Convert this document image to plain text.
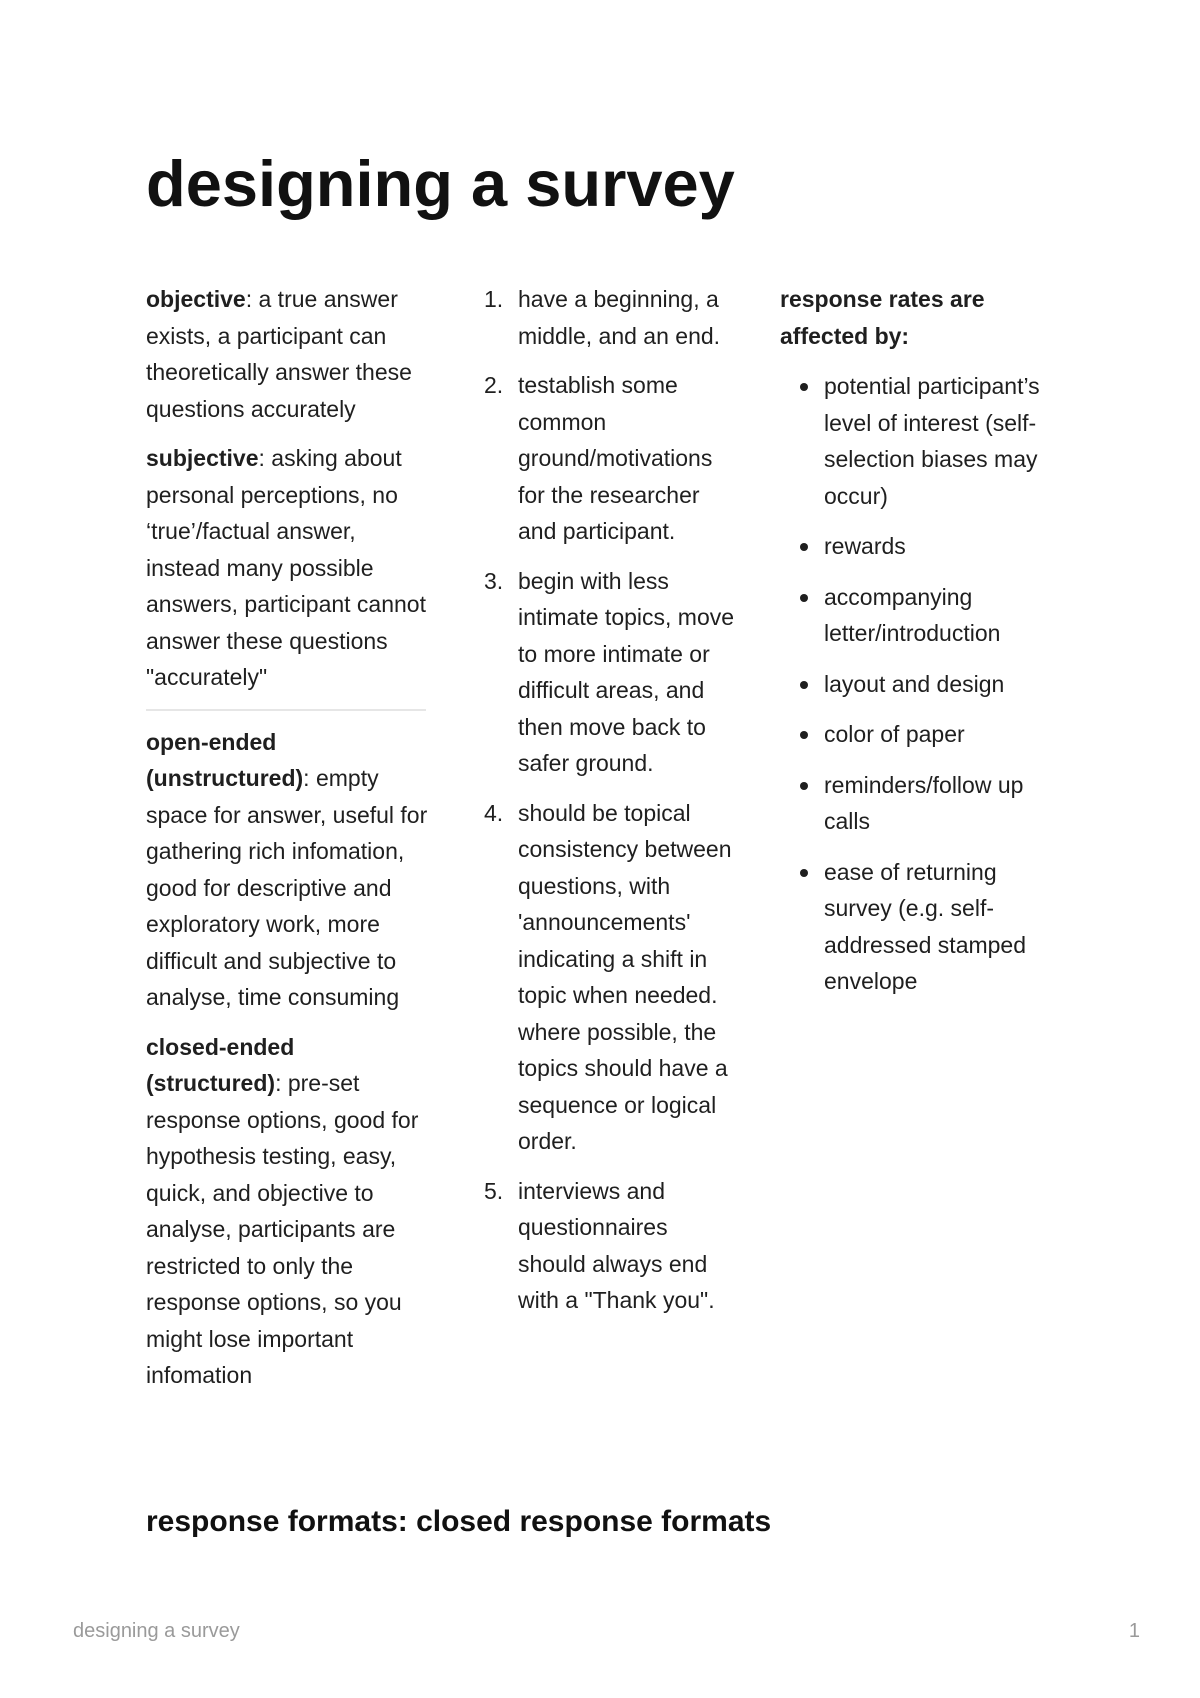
designing a survey

objective: a true answer exists, a participant can theoretically answer these questions accurately

subjective: asking about personal perceptions, no ‘true’/factual answer, instead many possible answers, participant cannot answer these questions "accurately"

open-ended (unstructured): empty space for answer, useful for gathering rich infomation, good for descriptive and exploratory work, more difficult and subjective to analyse, time consuming

closed-ended (structured): pre-set response options, good for hypothesis testing, easy, quick, and objective to analyse, participants are restricted to only the response options, so you might lose important infomation

1. have a beginning, a middle, and an end.
2. testablish some common ground/motivations for the researcher and participant.
3. begin with less intimate topics, move to more intimate or difficult areas, and then move back to safer ground.
4. should be topical consistency between questions, with 'announcements' indicating a shift in topic when needed. where possible, the topics should have a sequence or logical order.
5. interviews and questionnaires should always end with a "Thank you".

response rates are affected by:

potential participant’s level of interest (self-selection biases may occur)
rewards
accompanying letter/introduction
layout and design
color of paper
reminders/follow up calls
ease of returning survey (e.g. self-addressed stamped envelope
response formats: closed response formats
designing a survey	1
